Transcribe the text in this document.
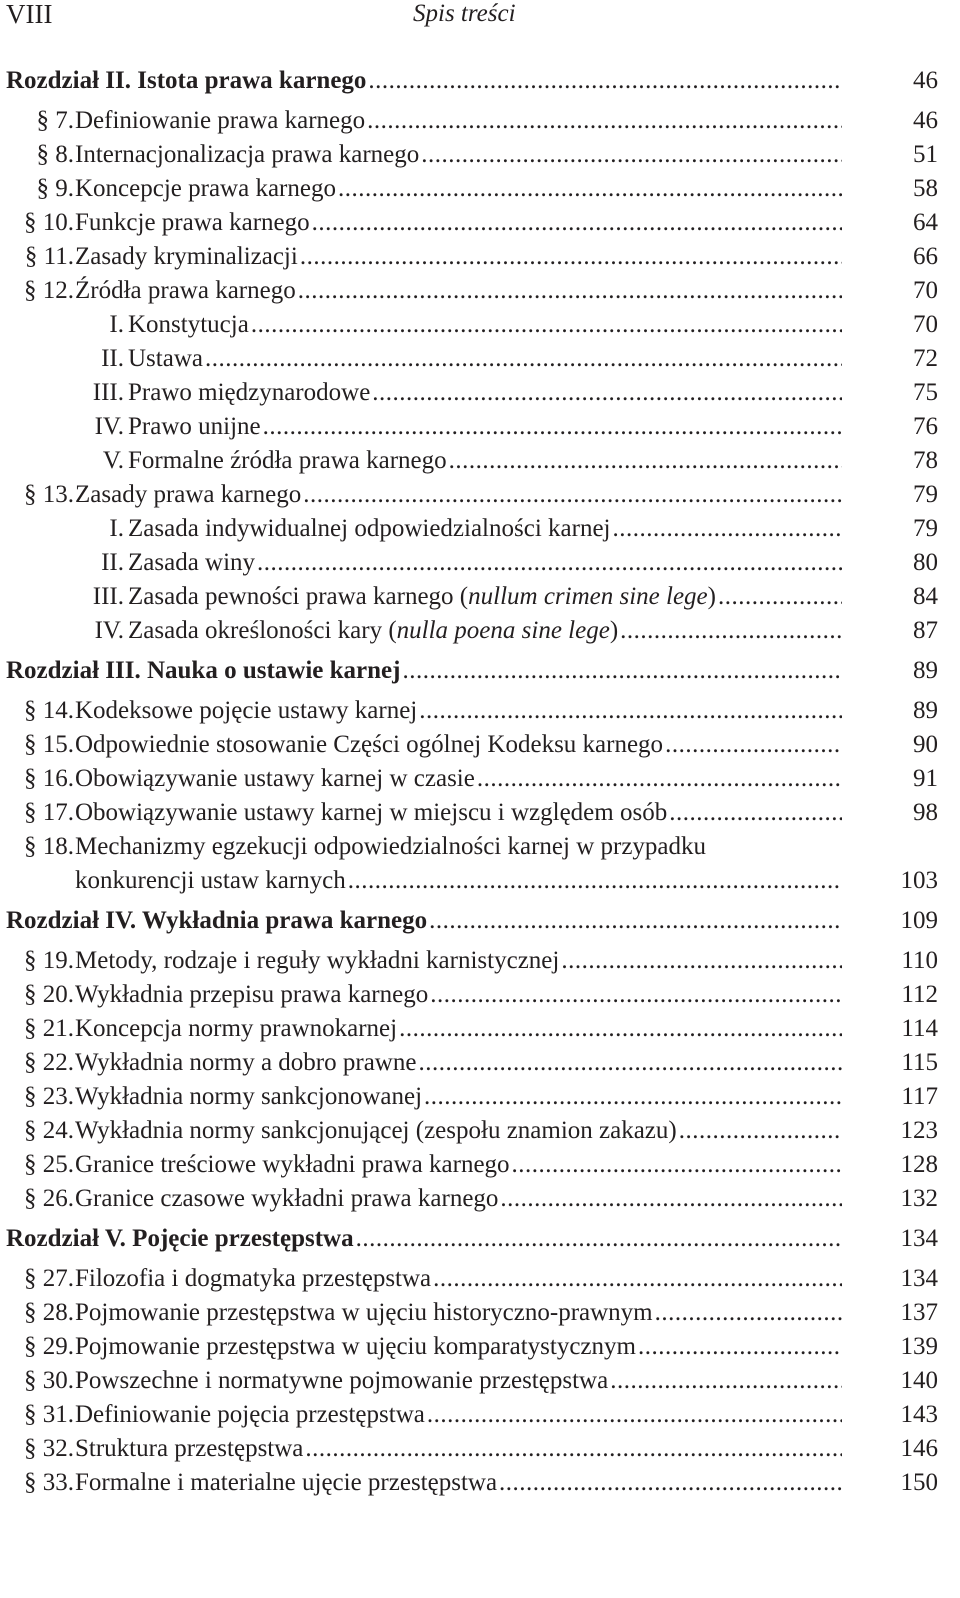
VIII	Spis treści
Rozdział II. Istota prawa karnego .....	46
§ 7. Definiowanie prawa karnego .....	46
§ 8. Internacjonalizacja prawa karnego .....	51
§ 9. Koncepcje prawa karnego .....	58
§ 10. Funkcje prawa karnego .....	64
§ 11. Zasady kryminalizacji .....	66
§ 12. Źródła prawa karnego .....	70
I. Konstytucja .....	70
II. Ustawa .....	72
III. Prawo międzynarodowe .....	75
IV. Prawo unijne .....	76
V. Formalne źródła prawa karnego .....	78
§ 13. Zasady prawa karnego .....	79
I. Zasada indywidualnej odpowiedzialności karnej .....	79
II. Zasada winy .....	80
III. Zasada pewności prawa karnego (nullum crimen sine lege) .....	84
IV. Zasada określoności kary (nulla poena sine lege) .....	87
Rozdział III. Nauka o ustawie karnej .....	89
§ 14. Kodeksowe pojęcie ustawy karnej .....	89
§ 15. Odpowiednie stosowanie Części ogólnej Kodeksu karnego .....	90
§ 16. Obowiązywanie ustawy karnej w czasie .....	91
§ 17. Obowiązywanie ustawy karnej w miejscu i względem osób .....	98
§ 18. Mechanizmy egzekucji odpowiedzialności karnej w przypadku
konkurencji ustaw karnych .....	103
Rozdział IV. Wykładnia prawa karnego .....	109
§ 19. Metody, rodzaje i reguły wykładni karnistycznej .....	110
§ 20. Wykładnia przepisu prawa karnego .....	112
§ 21. Koncepcja normy prawnokarnej .....	114
§ 22. Wykładnia normy a dobro prawne .....	115
§ 23. Wykładnia normy sankcjonowanej .....	117
§ 24. Wykładnia normy sankcjonującej (zespołu znamion zakazu) .....	123
§ 25. Granice treściowe wykładni prawa karnego .....	128
§ 26. Granice czasowe wykładni prawa karnego .....	132
Rozdział V. Pojęcie przestępstwa .....	134
§ 27. Filozofia i dogmatyka przestępstwa .....	134
§ 28. Pojmowanie przestępstwa w ujęciu historyczno-prawnym .....	137
§ 29. Pojmowanie przestępstwa w ujęciu komparatystycznym .....	139
§ 30. Powszechne i normatywne pojmowanie przestępstwa .....	140
§ 31. Definiowanie pojęcia przestępstwa .....	143
§ 32. Struktura przestępstwa .....	146
§ 33. Formalne i materialne ujęcie przestępstwa .....	150
